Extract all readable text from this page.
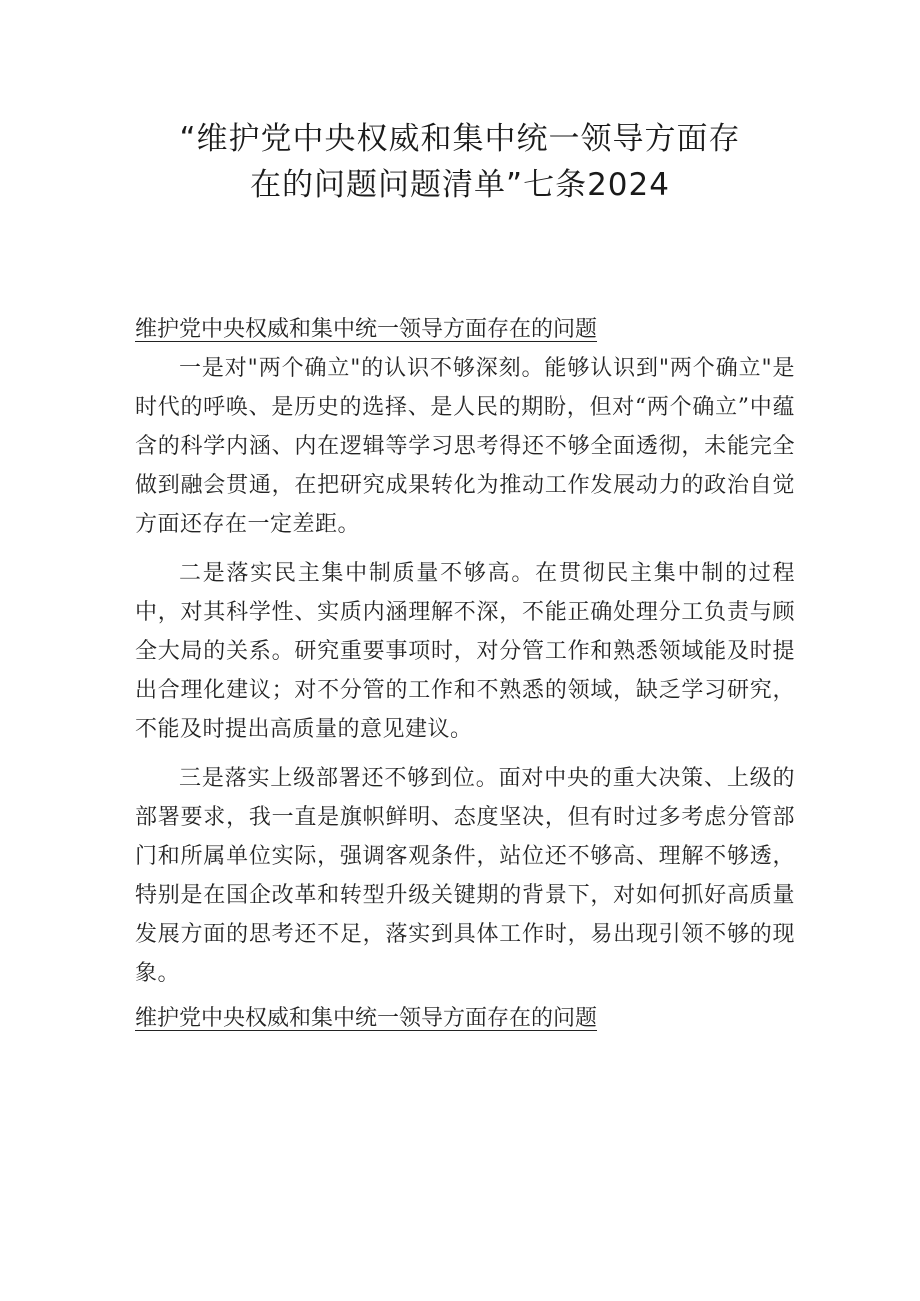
“维护党中央权威和集中统一领导方面存
在的问题问题清单”七条2024

维护党中央权威和集中统一领导方面存在的问题

一是对"两个确立"的认识不够深刻。能够认识到"两个确立"是时代的呼唤、是历史的选择、是人民的期盼，但对“两个确立”中蕴含的科学内涵、内在逻辑等学习思考得还不够全面透彻，未能完全做到融会贯通，在把研究成果转化为推动工作发展动力的政治自觉方面还存在一定差距。

二是落实民主集中制质量不够高。在贯彻民主集中制的过程中，对其科学性、实质内涵理解不深，不能正确处理分工负责与顾全大局的关系。研究重要事项时，对分管工作和熟悉领域能及时提出合理化建议；对不分管的工作和不熟悉的领域，缺乏学习研究，不能及时提出高质量的意见建议。

三是落实上级部署还不够到位。面对中央的重大决策、上级的部署要求，我一直是旗帜鲜明、态度坚决，但有时过多考虑分管部门和所属单位实际，强调客观条件，站位还不够高、理解不够透，特别是在国企改革和转型升级关键期的背景下，对如何抓好高质量发展方面的思考还不足，落实到具体工作时，易出现引领不够的现象。

维护党中央权威和集中统一领导方面存在的问题
